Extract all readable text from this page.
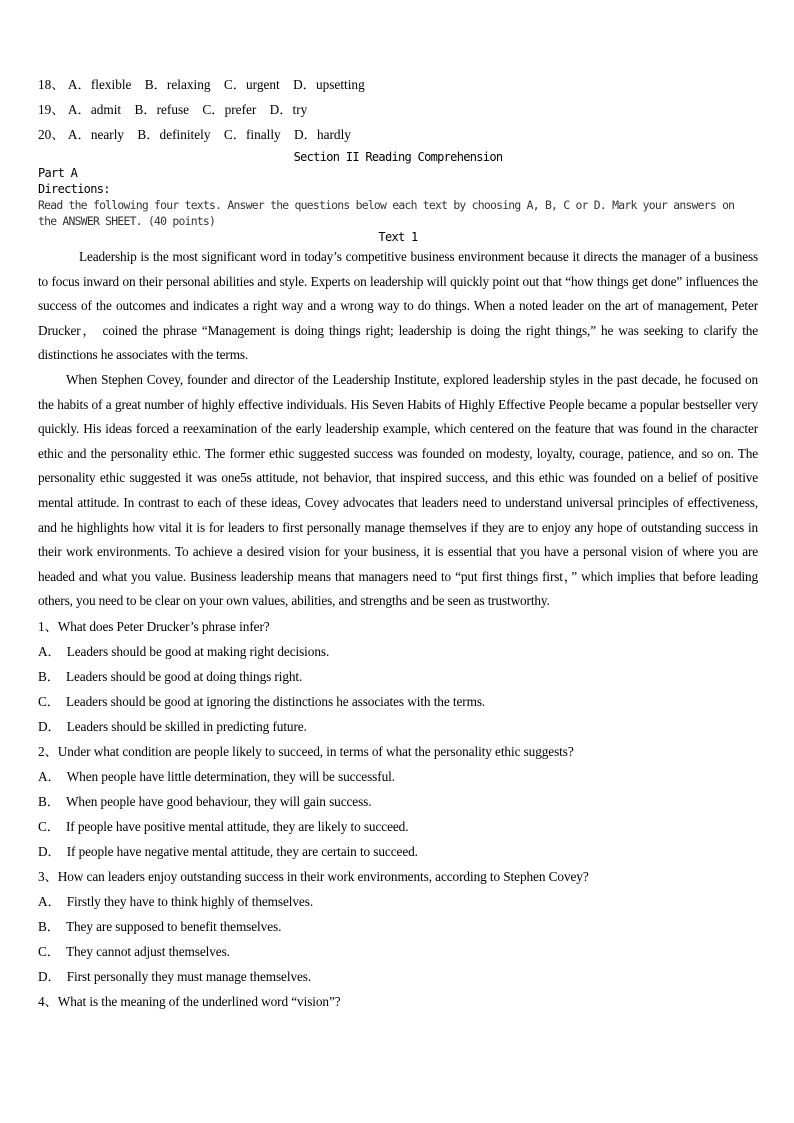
18、 A．flexible B．relaxing C．urgent D．upsetting
19、 A．admit B．refuse C．prefer D．try
20、 A．nearly B．definitely C．finally D．hardly
Section II Reading Comprehension
Part A
Directions:
Read the following four texts. Answer the questions below each text by choosing A, B, C or D. Mark your answers on the ANSWER SHEET. (40 points)
Text 1

Leadership is the most significant word in today’s competitive business environment because it directs the manager of a business to focus inward on their personal abilities and style. Experts on leadership will quickly point out that “how things get done” influences the success of the outcomes and indicates a right way and a wrong way to do things. When a noted leader on the art of management, Peter Drucker， coined the phrase “Management is doing things right; leadership is doing the right things,” he was seeking to clarify the distinctions he associates with the terms.

When Stephen Covey, founder and director of the Leadership Institute, explored leadership styles in the past decade, he focused on the habits of a great number of highly effective individuals. His Seven Habits of Highly Effective People became a popular bestseller very quickly. His ideas forced a reexamination of the early leadership example, which centered on the feature that was found in the character ethic and the personality ethic. The former ethic suggested success was founded on modesty, loyalty, courage, patience, and so on. The personality ethic suggested it was one5s attitude, not behavior, that inspired success, and this ethic was founded on a belief of positive mental attitude. In contrast to each of these ideas, Covey advocates that leaders need to understand universal principles of effectiveness, and he highlights how vital it is for leaders to first personally manage themselves if they are to enjoy any hope of outstanding success in their work environments. To achieve a desired vision for your business, it is essential that you have a personal vision of where you are headed and what you value. Business leadership means that managers need to “put first things first，” which implies that before leading others, you need to be clear on your own values, abilities, and strengths and be seen as trustworthy.

1、What does Peter Drucker’s phrase infer?
A． Leaders should be good at making right decisions.
B． Leaders should be good at doing things right.
C． Leaders should be good at ignoring the distinctions he associates with the terms.
D． Leaders should be skilled in predicting future.
2、Under what condition are people likely to succeed, in terms of what the personality ethic suggests?
A． When people have little determination, they will be successful.
B． When people have good behaviour, they will gain success.
C． If people have positive mental attitude, they are likely to succeed.
D． If people have negative mental attitude, they are certain to succeed.
3、How can leaders enjoy outstanding success in their work environments, according to Stephen Covey?
A． Firstly they have to think highly of themselves.
B． They are supposed to benefit themselves.
C． They cannot adjust themselves.
D． First personally they must manage themselves.
4、What is the meaning of the underlined word “vision”?
